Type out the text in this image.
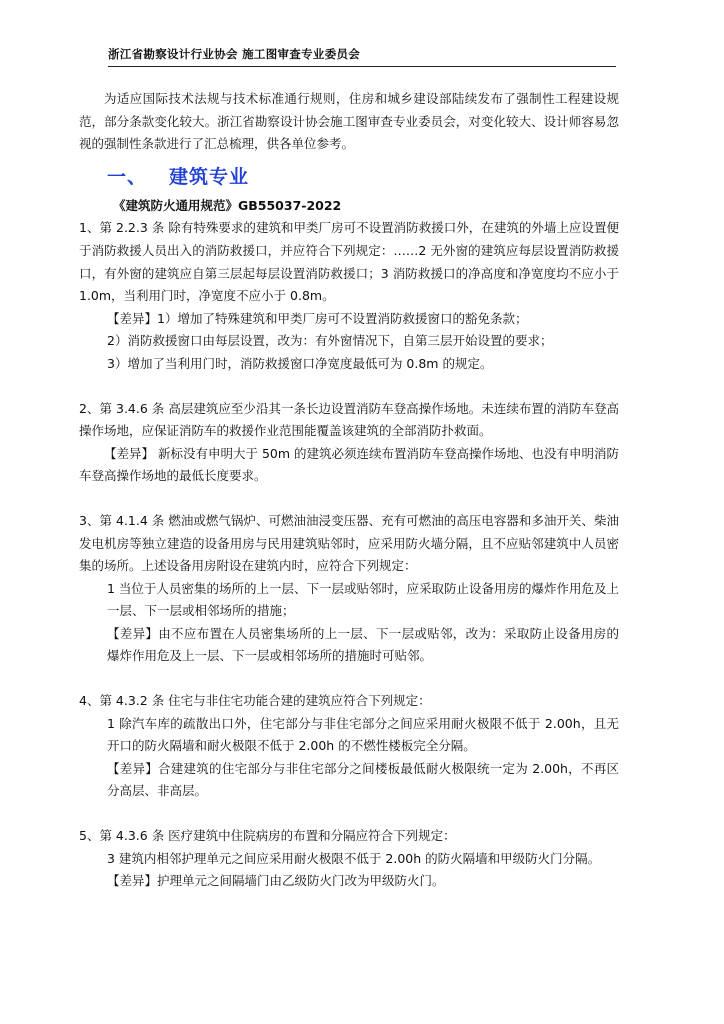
浙江省勘察设计行业协会 施工图审查专业委员会

为适应国际技术法规与技术标准通行规则，住房和城乡建设部陆续发布了强制性工程建设规范，部分条款变化较大。浙江省勘察设计协会施工图审查专业委员会，对变化较大、设计师容易忽视的强制性条款进行了汇总梳理，供各单位参考。

一、 建筑专业

《建筑防火通用规范》GB55037-2022

1、第 2.2.3 条 除有特殊要求的建筑和甲类厂房可不设置消防救援口外，在建筑的外墙上应设置便于消防救援人员出入的消防救援口，并应符合下列规定：……2 无外窗的建筑应每层设置消防救援口，有外窗的建筑应自第三层起每层设置消防救援口；3 消防救援口的净高度和净宽度均不应小于 1.0m，当利用门时，净宽度不应小于 0.8m。

【差异】1）增加了特殊建筑和甲类厂房可不设置消防救援窗口的豁免条款；

2）消防救援窗口由每层设置，改为：有外窗情况下，自第三层开始设置的要求；

3）增加了当利用门时，消防救援窗口净宽度最低可为 0.8m 的规定。

2、第 3.4.6 条 高层建筑应至少沿其一条长边设置消防车登高操作场地。未连续布置的消防车登高操作场地，应保证消防车的救援作业范围能覆盖该建筑的全部消防扑救面。

【差异】 新标没有申明大于 50m 的建筑必须连续布置消防车登高操作场地、也没有申明消防车登高操作场地的最低长度要求。

3、第 4.1.4 条 燃油或燃气锅炉、可燃油油浸变压器、充有可燃油的高压电容器和多油开关、柴油发电机房等独立建造的设备用房与民用建筑贴邻时，应采用防火墙分隔，且不应贴邻建筑中人员密集的场所。上述设备用房附设在建筑内时，应符合下列规定：

1 当位于人员密集的场所的上一层、下一层或贴邻时，应采取防止设备用房的爆炸作用危及上一层、下一层或相邻场所的措施；

【差异】由不应布置在人员密集场所的上一层、下一层或贴邻，改为：采取防止设备用房的爆炸作用危及上一层、下一层或相邻场所的措施时可贴邻。

4、第 4.3.2 条 住宅与非住宅功能合建的建筑应符合下列规定：

1 除汽车库的疏散出口外，住宅部分与非住宅部分之间应采用耐火极限不低于 2.00h，且无开口的防火隔墙和耐火极限不低于 2.00h 的不燃性楼板完全分隔。

【差异】合建建筑的住宅部分与非住宅部分之间楼板最低耐火极限统一定为 2.00h，不再区分高层、非高层。

5、第 4.3.6 条 医疗建筑中住院病房的布置和分隔应符合下列规定：

3 建筑内相邻护理单元之间应采用耐火极限不低于 2.00h 的防火隔墙和甲级防火门分隔。

【差异】护理单元之间隔墙门由乙级防火门改为甲级防火门。
